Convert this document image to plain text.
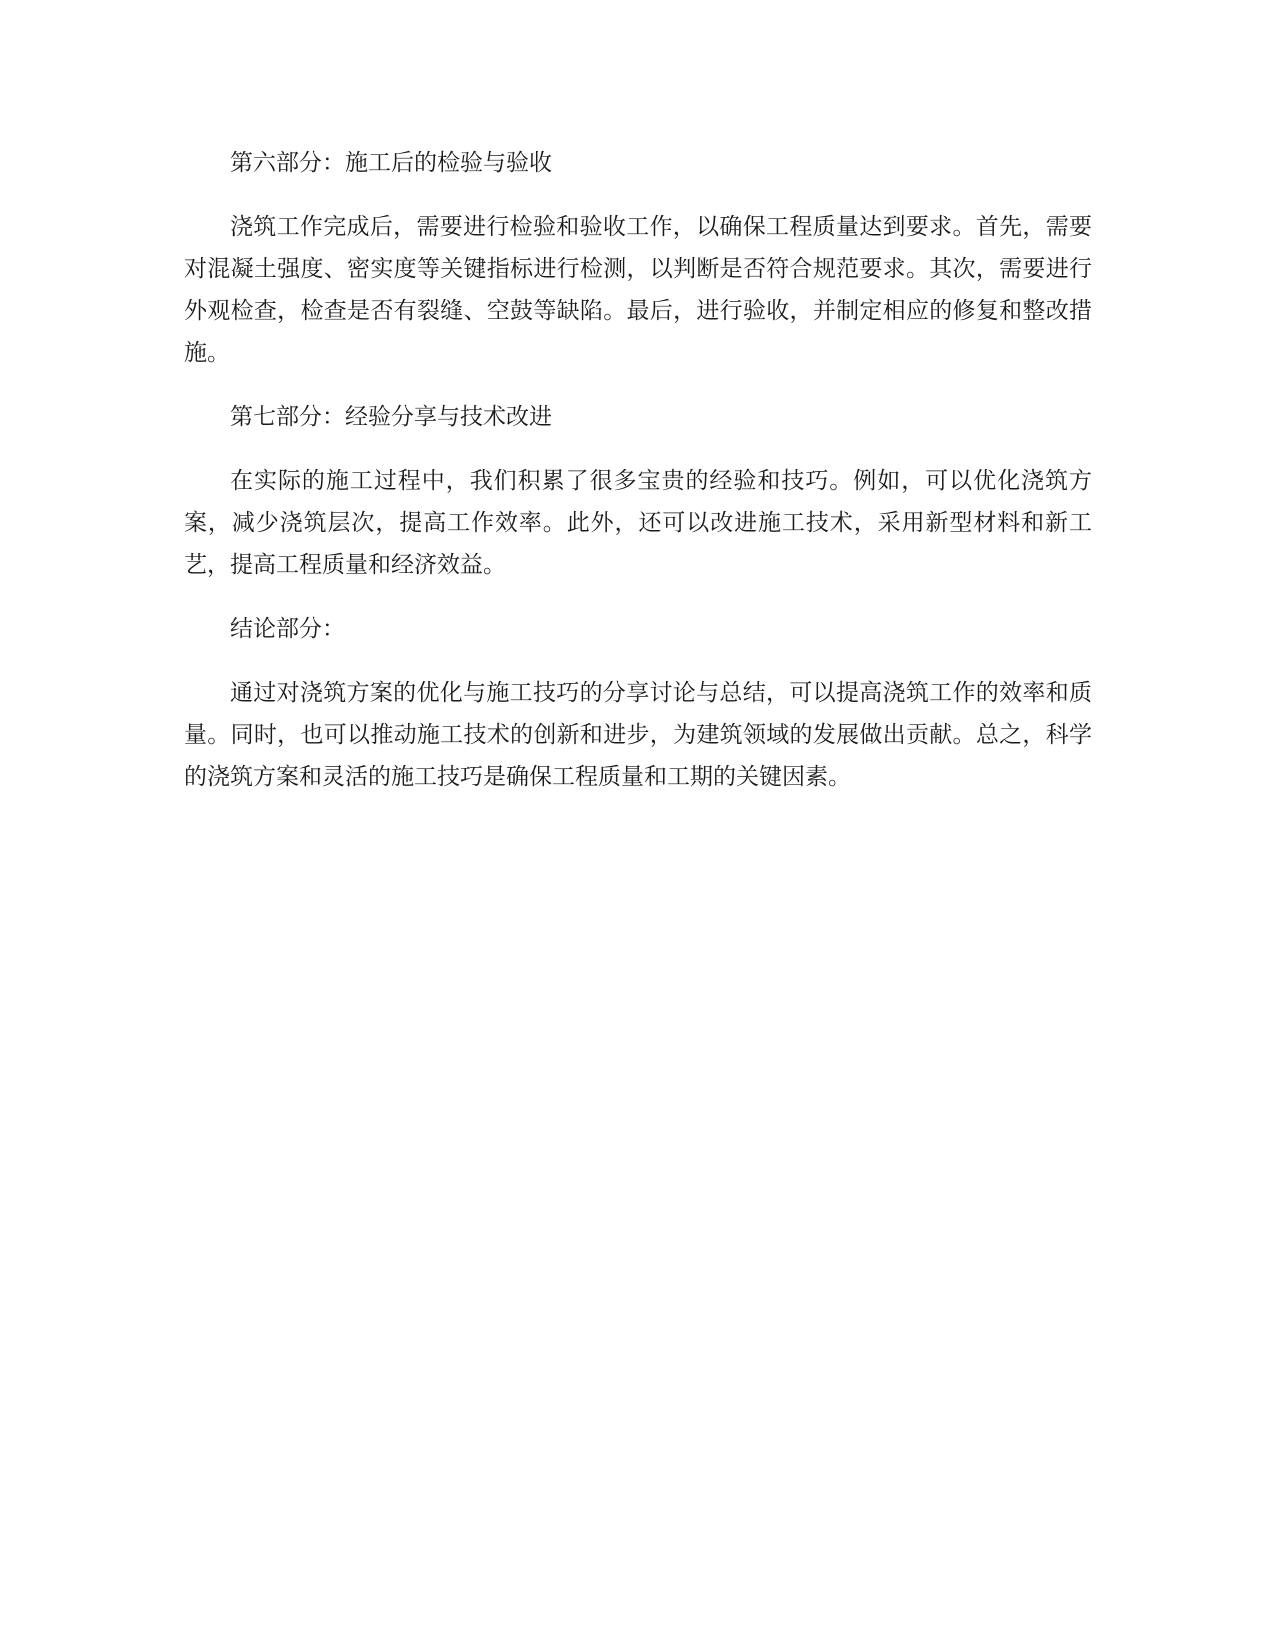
第六部分：施工后的检验与验收

浇筑工作完成后，需要进行检验和验收工作，以确保工程质量达到要求。首先，需要对混凝土强度、密实度等关键指标进行检测，以判断是否符合规范要求。其次，需要进行外观检查，检查是否有裂缝、空鼓等缺陷。最后，进行验收，并制定相应的修复和整改措施。

第七部分：经验分享与技术改进

在实际的施工过程中，我们积累了很多宝贵的经验和技巧。例如，可以优化浇筑方案，减少浇筑层次，提高工作效率。此外，还可以改进施工技术，采用新型材料和新工艺，提高工程质量和经济效益。

结论部分：

通过对浇筑方案的优化与施工技巧的分享讨论与总结，可以提高浇筑工作的效率和质量。同时，也可以推动施工技术的创新和进步，为建筑领域的发展做出贡献。总之，科学的浇筑方案和灵活的施工技巧是确保工程质量和工期的关键因素。
